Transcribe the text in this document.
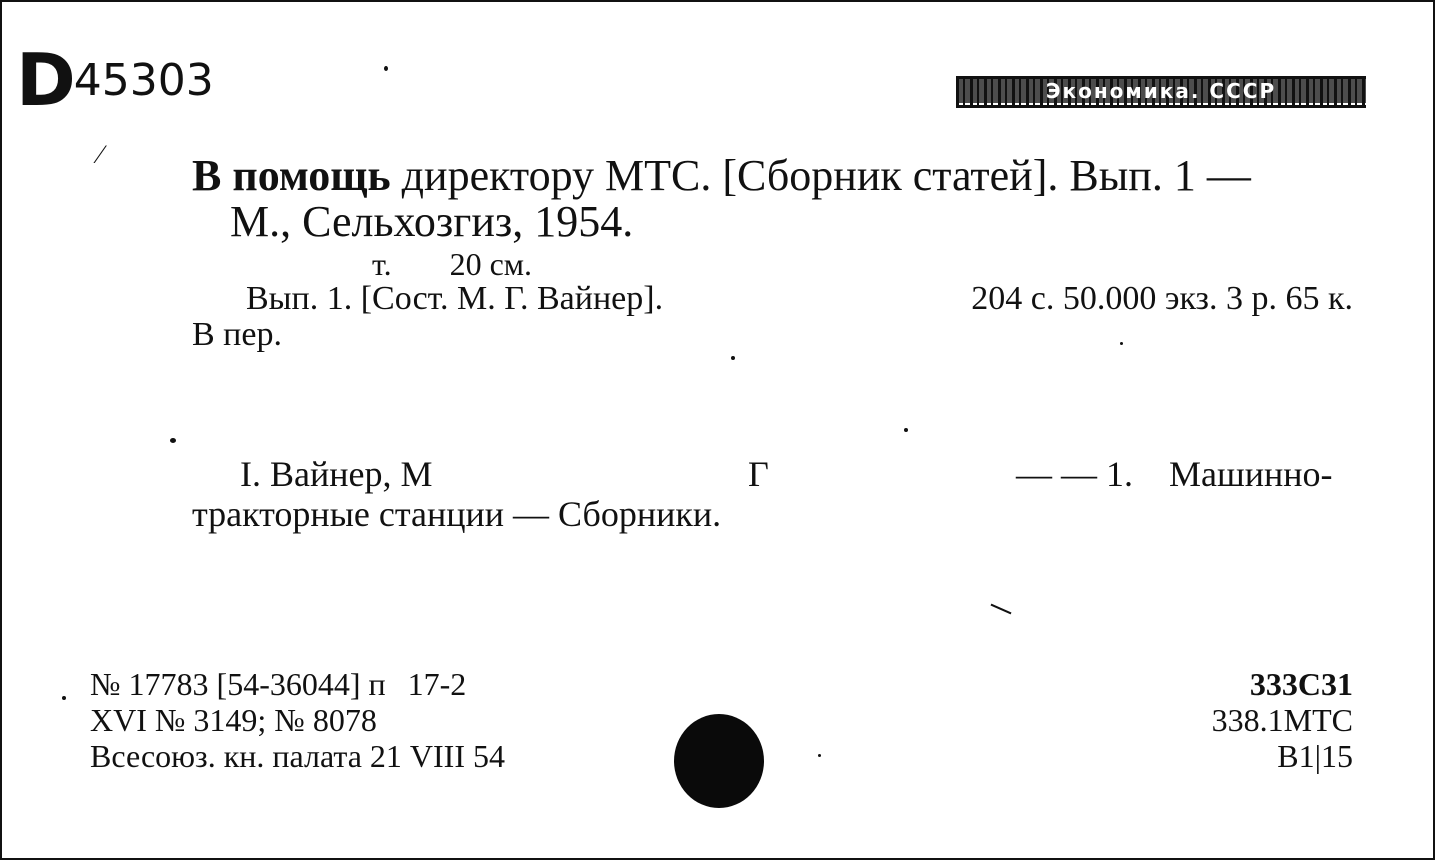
D45303	Экономика. СССР
⁄ В помощь директору МТС. [Сборник статей]. Вып. 1 —
М., Сельхозгиз, 1954.
т. 20 см.
Вып. 1. [Сост. М. Г. Вайнер].	204 с. 50.000 экз. 3 р. 65 к.
В пер.
I. Вайнер, М	Г	— — 1. Машинно-
тракторные станции — Сборники.
№ 17783 [54-36044] п 17-2
XVI № 3149; № 8078
Всесоюз. кн. палата 21 VIII 54
333С31
338.1МТС
В1|15
